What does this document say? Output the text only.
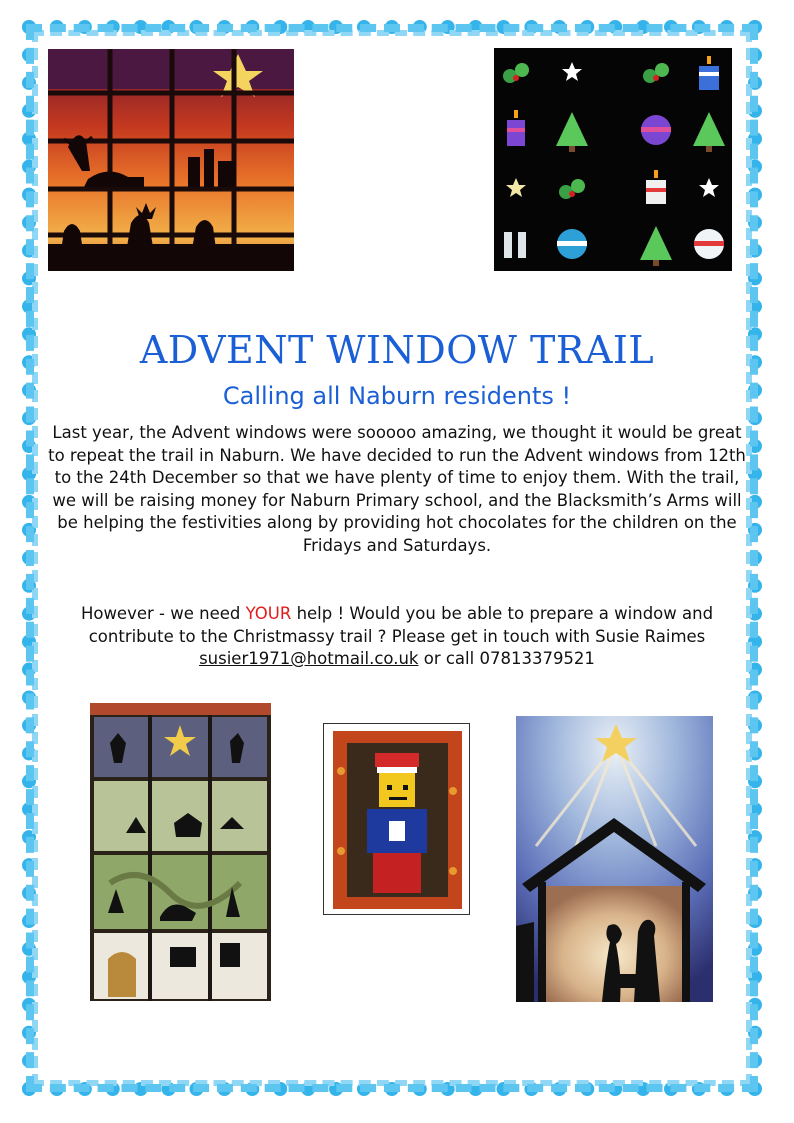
ADVENT WINDOW TRAIL
Calling all Naburn residents !
Last year, the Advent windows were sooooo amazing, we thought it would be great to repeat the trail in Naburn. We have decided to run the Advent windows from 12th to the 24th December so that we have plenty of time to enjoy them. With the trail, we will be raising money for Naburn Primary school, and the Blacksmith’s Arms will be helping the festivities along by providing hot chocolates for the children on the Fridays and Saturdays.
However - we need YOUR help ! Would you be able to prepare a window and contribute to the Christmassy trail ? Please get in touch with Susie Raimes
susier1971@hotmail.co.uk or call 07813379521
